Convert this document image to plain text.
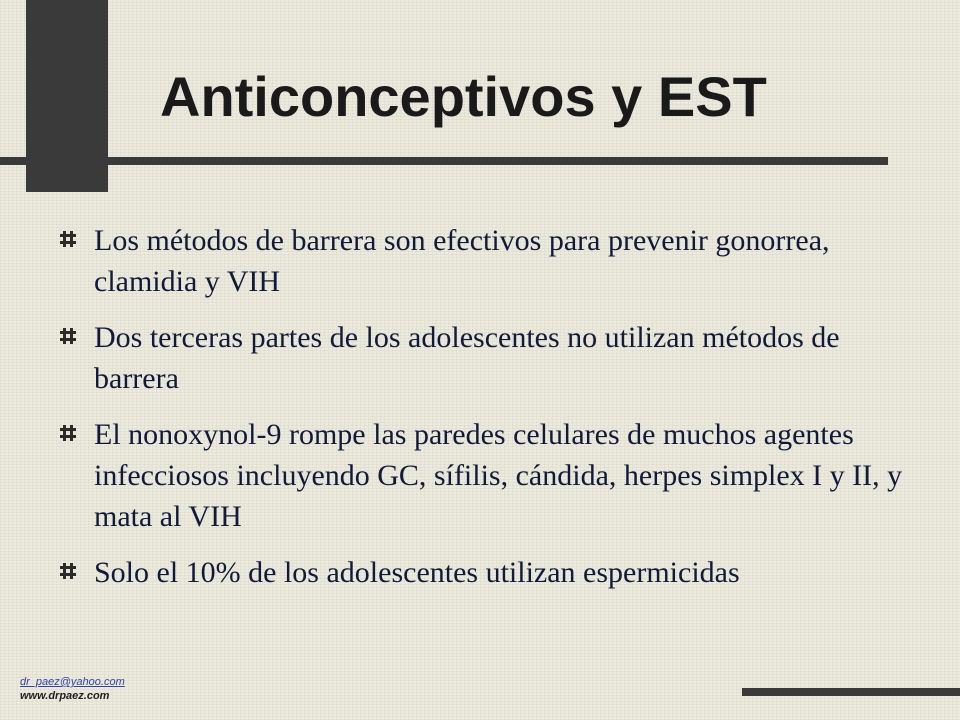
Anticonceptivos y EST
Los métodos de barrera son efectivos para prevenir gonorrea, clamidia y VIH
Dos terceras partes de los adolescentes no utilizan métodos de barrera
El nonoxynol-9 rompe las paredes celulares de muchos agentes infecciosos incluyendo GC, sífilis, cándida, herpes simplex I y II, y mata al VIH
Solo el 10% de los adolescentes utilizan espermicidas
dr_paez@yahoo.com
www.drpaez.com
